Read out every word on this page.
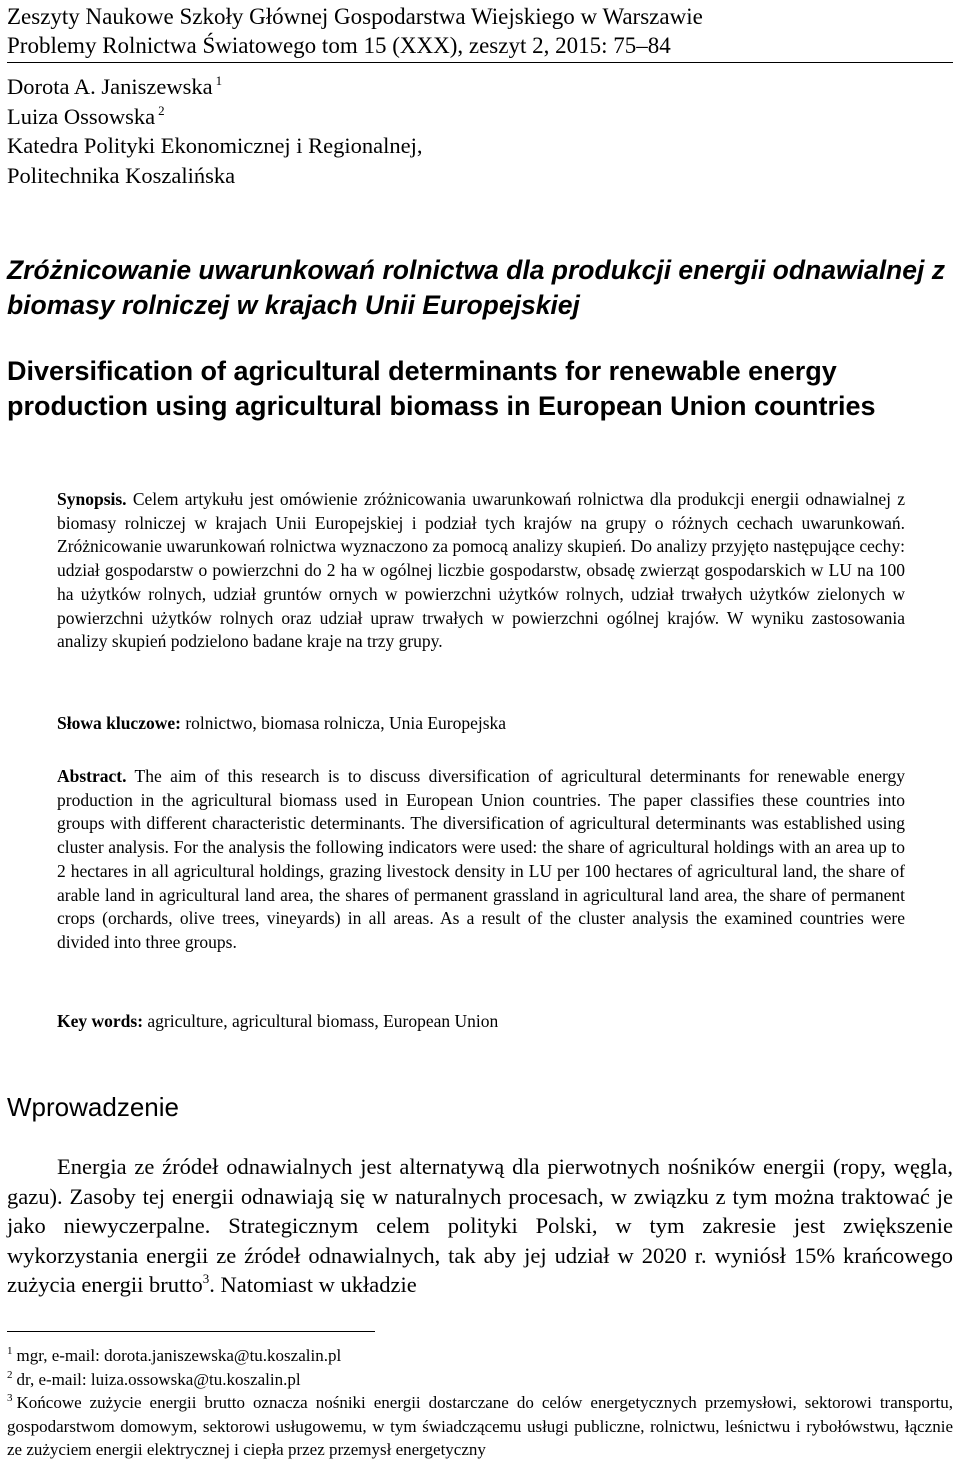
Zeszyty Naukowe Szkoły Głównej Gospodarstwa Wiejskiego w Warszawie
Problemy Rolnictwa Światowego tom 15 (XXX), zeszyt 2, 2015: 75–84
Dorota A. Janiszewska $^1$
Luiza Ossowska $^2$
Katedra Polityki Ekonomicznej i Regionalnej,
Politechnika Koszalińska
Zróżnicowanie uwarunkowań rolnictwa dla produkcji energii odnawialnej z biomasy rolniczej w krajach Unii Europejskiej
Diversification of agricultural determinants for renewable energy production using agricultural biomass in European Union countries
Synopsis. Celem artykułu jest omówienie zróżnicowania uwarunkowań rolnictwa dla produkcji energii odnawialnej z biomasy rolniczej w krajach Unii Europejskiej i podział tych krajów na grupy o różnych cechach uwarunkowań. Zróżnicowanie uwarunkowań rolnictwa wyznaczono za pomocą analizy skupień. Do analizy przyjęto następujące cechy: udział gospodarstw o powierzchni do 2 ha w ogólnej liczbie gospodarstw, obsadę zwierząt gospodarskich w LU na 100 ha użytków rolnych, udział gruntów ornych w powierzchni użytków rolnych, udział trwałych użytków zielonych w powierzchni użytków rolnych oraz udział upraw trwałych w powierzchni ogólnej krajów. W wyniku zastosowania analizy skupień podzielono badane kraje na trzy grupy.
Słowa kluczowe: rolnictwo, biomasa rolnicza, Unia Europejska
Abstract. The aim of this research is to discuss diversification of agricultural determinants for renewable energy production in the agricultural biomass used in European Union countries. The paper classifies these countries into groups with different characteristic determinants. The diversification of agricultural determinants was established using cluster analysis. For the analysis the following indicators were used: the share of agricultural holdings with an area up to 2 hectares in all agricultural holdings, grazing livestock density in LU per 100 hectares of agricultural land, the share of arable land in agricultural land area, the shares of permanent grassland in agricultural land area, the share of permanent crops (orchards, olive trees, vineyards) in all areas. As a result of the cluster analysis the examined countries were divided into three groups.
Key words: agriculture, agricultural biomass, European Union
Wprowadzenie
Energia ze źródeł odnawialnych jest alternatywą dla pierwotnych nośników energii (ropy, węgla, gazu). Zasoby tej energii odnawiają się w naturalnych procesach, w związku z tym można traktować je jako niewyczerpalne. Strategicznym celem polityki Polski, w tym zakresie jest zwiększenie wykorzystania energii ze źródeł odnawialnych, tak aby jej udział w 2020 r. wyniósł 15% krańcowego zużycia energii brutto$^3$. Natomiast w układzie

$^1$ mgr, e-mail: dorota.janiszewska@tu.koszalin.pl

$^2$ dr, e-mail: luiza.ossowska@tu.koszalin.pl

$^3$ Końcowe zużycie energii brutto oznacza nośniki energii dostarczane do celów energetycznych przemysłowi, sektorowi transportu, gospodarstwom domowym, sektorowi usługowemu, w tym świadczącemu usługi publiczne, rolnictwu, leśnictwu i rybołówstwu, łącznie ze zużyciem energii elektrycznej i ciepła przez przemysł energetyczny
